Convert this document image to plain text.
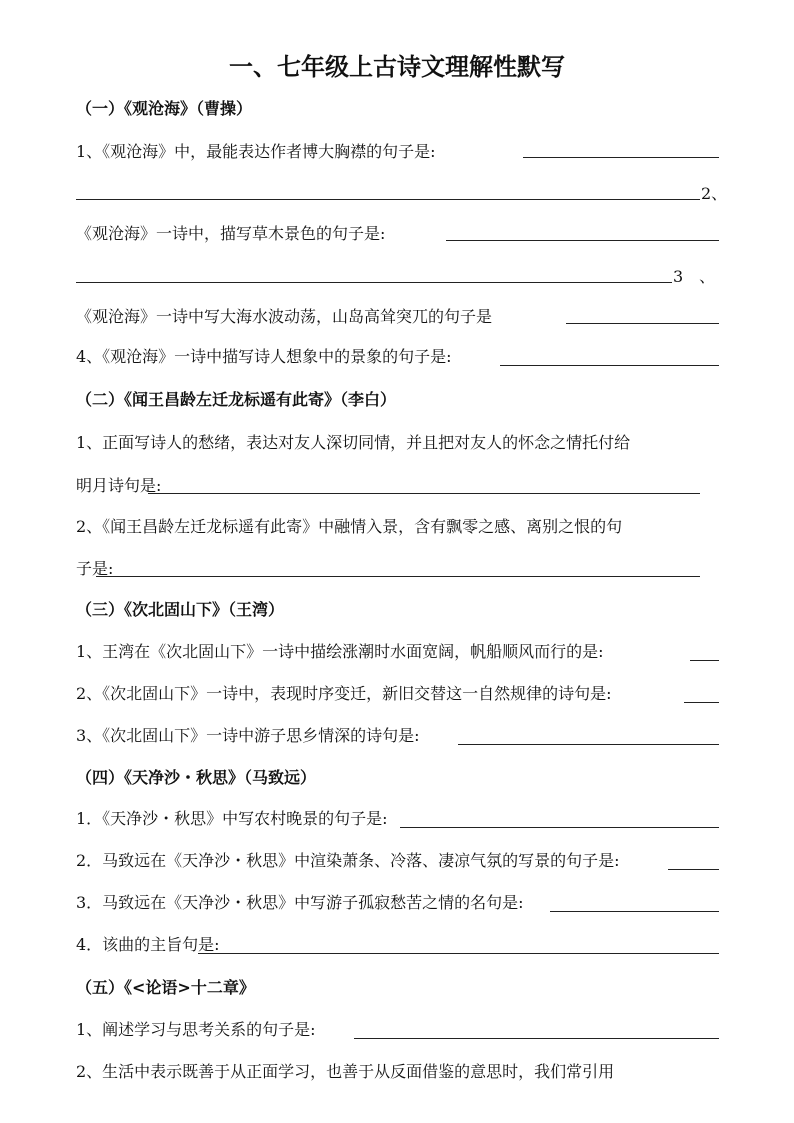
一、七年级上古诗文理解性默写
（一）《观沧海》（曹操）
1、《观沧海》中，最能表达作者博大胸襟的句子是:
2、
《观沧海》一诗中，描写草木景色的句子是:
3　、
《观沧海》一诗中写大海水波动荡，山岛高耸突兀的句子是
4、《观沧海》一诗中描写诗人想象中的景象的句子是:
（二）《闻王昌龄左迁龙标遥有此寄》（李白）
1、正面写诗人的愁绪，表达对友人深切同情，并且把对友人的怀念之情托付给
明月诗句是:
2、《闻王昌龄左迁龙标遥有此寄》中融情入景，含有飘零之感、离别之恨的句
子是:
（三）《次北固山下》（王湾）
1、王湾在《次北固山下》一诗中描绘涨潮时水面宽阔，帆船顺风而行的是:
2、《次北固山下》一诗中，表现时序变迁，新旧交替这一自然规律的诗句是:
3、《次北固山下》一诗中游子思乡情深的诗句是:
（四）《天净沙・秋思》（马致远）
1．《天净沙・秋思》中写农村晚景的句子是:
2．马致远在《天净沙・秋思》中渲染萧条、冷落、凄凉气氛的写景的句子是:
3．马致远在《天净沙・秋思》中写游子孤寂愁苦之情的名句是:
4．该曲的主旨句是:
（五）《<论语>十二章》
1、阐述学习与思考关系的句子是:
2、生活中表示既善于从正面学习，也善于从反面借鉴的意思时，我们常引用
